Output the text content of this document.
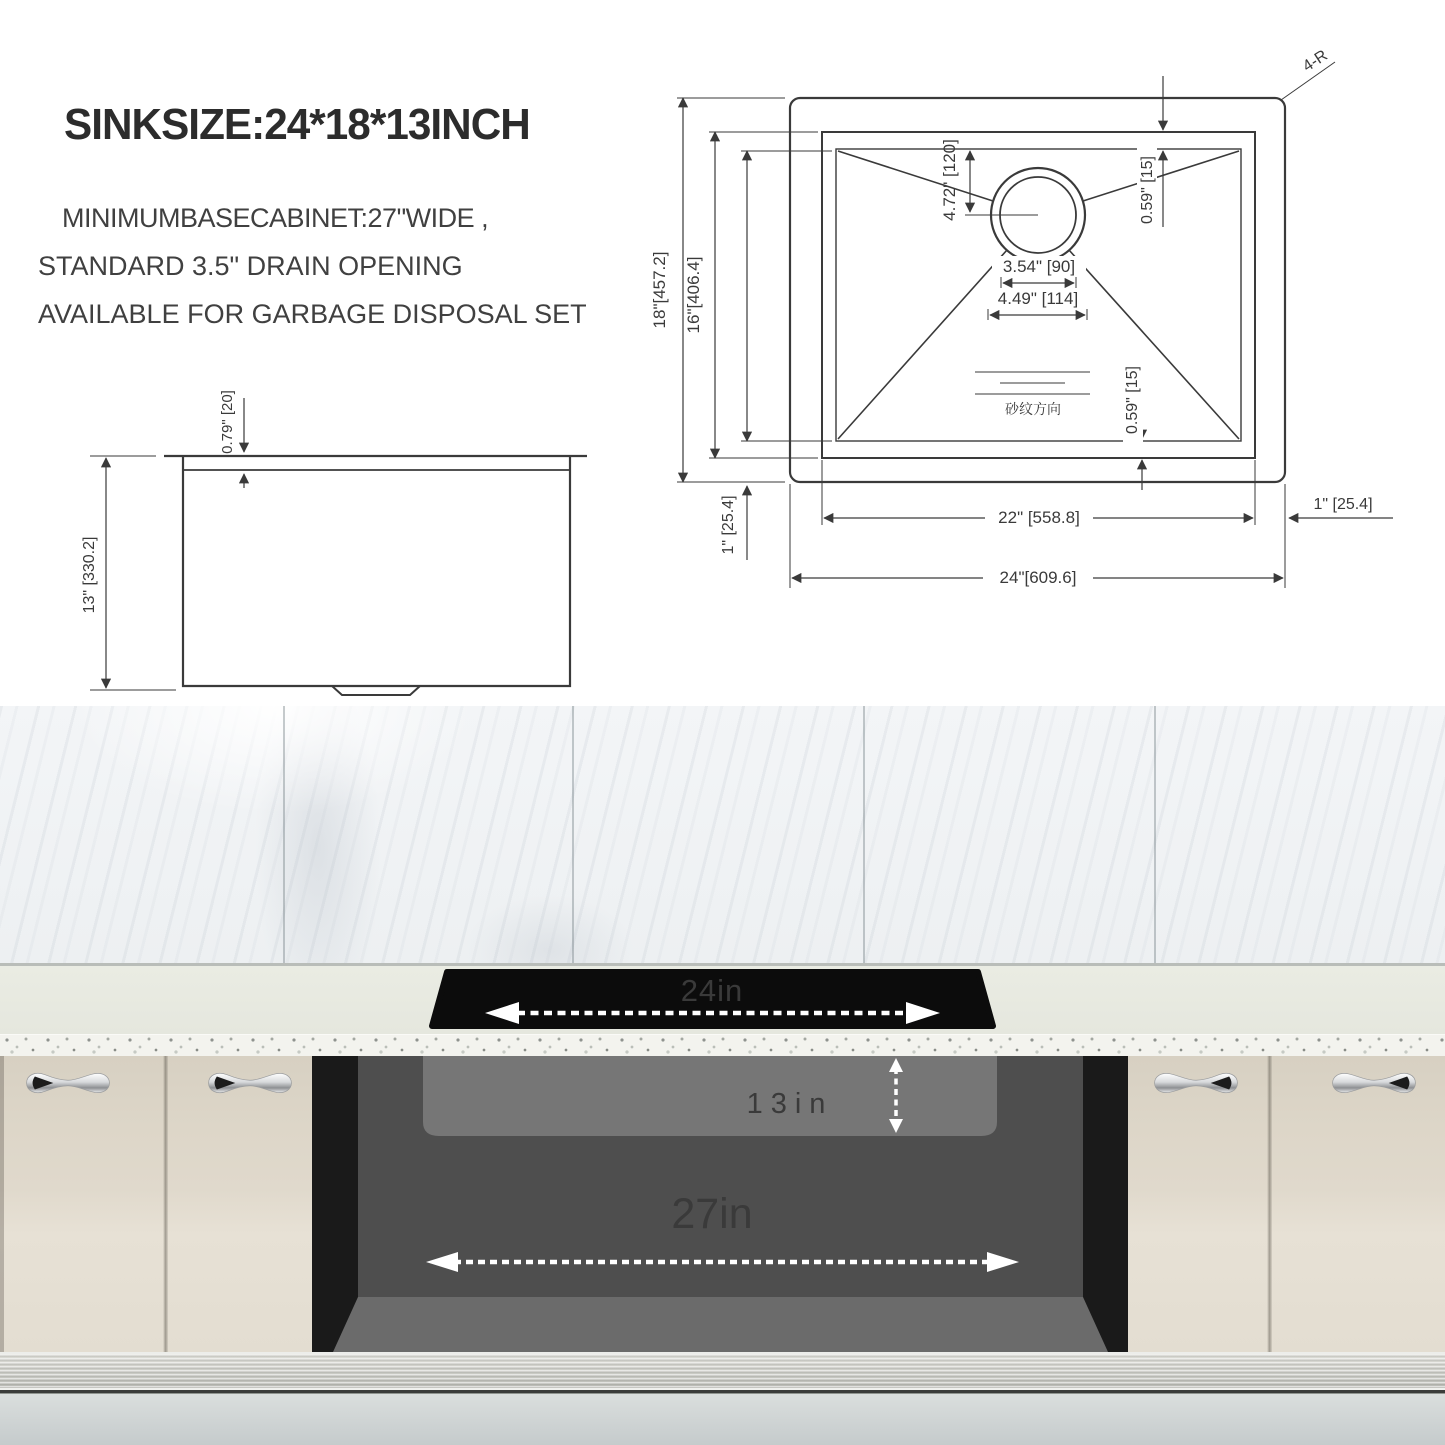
SINKSIZE:24*18*13INCH
MINIMUMBASECABINET:27"WIDE ,
STANDARD 3.5" DRAIN OPENING
AVAILABLE FOR GARBAGE DISPOSAL SET
4-R
18"[457.2] 16"[406.4]
1" [25.4]
4.72" [120]	0.59" [15]
3.54" [90]
4.49" [114]
0.59" [15]
砂纹方向
22" [558.8]
1" [25.4]
24"[609.6]
13" [330.2]
0.79" [20]
24in
13in
27in
